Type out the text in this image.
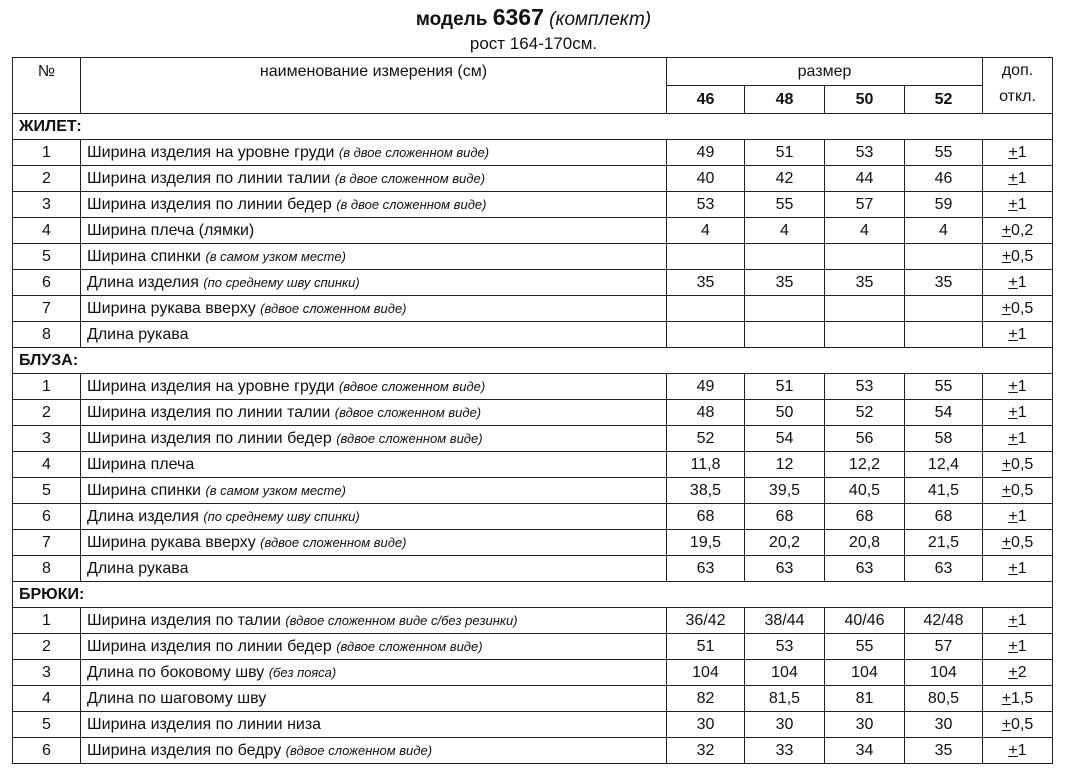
модель 6367 (комплект)
рост 164-170см.
№	наименование измерения (см)	размер				доп.
откл.
		46	48	50	52	
ЖИЛЕТ:						
1	Ширина изделия на уровне груди (в двое сложенном виде)	49	51	53	55	+1
2	Ширина изделия по линии талии (в двое сложенном виде)	40	42	44	46	+1
3	Ширина изделия по линии бедер (в двое сложенном виде)	53	55	57	59	+1
4	Ширина плеча (лямки)	4	4	4	4	+0,2
5	Ширина спинки (в самом узком месте)					+0,5
6	Длина изделия (по среднему шву спинки)	35	35	35	35	+1
7	Ширина рукава вверху (вдвое сложенном виде)					+0,5
8	Длина рукава					+1
БЛУЗА:						
1	Ширина изделия на уровне груди (вдвое сложенном виде)	49	51	53	55	+1
2	Ширина изделия по линии талии (вдвое сложенном виде)	48	50	52	54	+1
3	Ширина изделия по линии бедер (вдвое сложенном виде)	52	54	56	58	+1
4	Ширина плеча	11,8	12	12,2	12,4	+0,5
5	Ширина спинки (в самом узком месте)	38,5	39,5	40,5	41,5	+0,5
6	Длина изделия (по среднему шву спинки)	68	68	68	68	+1
7	Ширина рукава вверху (вдвое сложенном виде)	19,5	20,2	20,8	21,5	+0,5
8	Длина рукава	63	63	63	63	+1
БРЮКИ:						
1	Ширина изделия по талии (вдвое сложенном виде с/без резинки)	36/42	38/44	40/46	42/48	+1
2	Ширина изделия по линии бедер (вдвое сложенном виде)	51	53	55	57	+1
3	Длина по боковому шву (без пояса)	104	104	104	104	+2
4	Длина по шаговому шву	82	81,5	81	80,5	+1,5
5	Ширина изделия по линии низа	30	30	30	30	+0,5
6	Ширина изделия по бедру (вдвое сложенном виде)	32	33	34	35	+1
